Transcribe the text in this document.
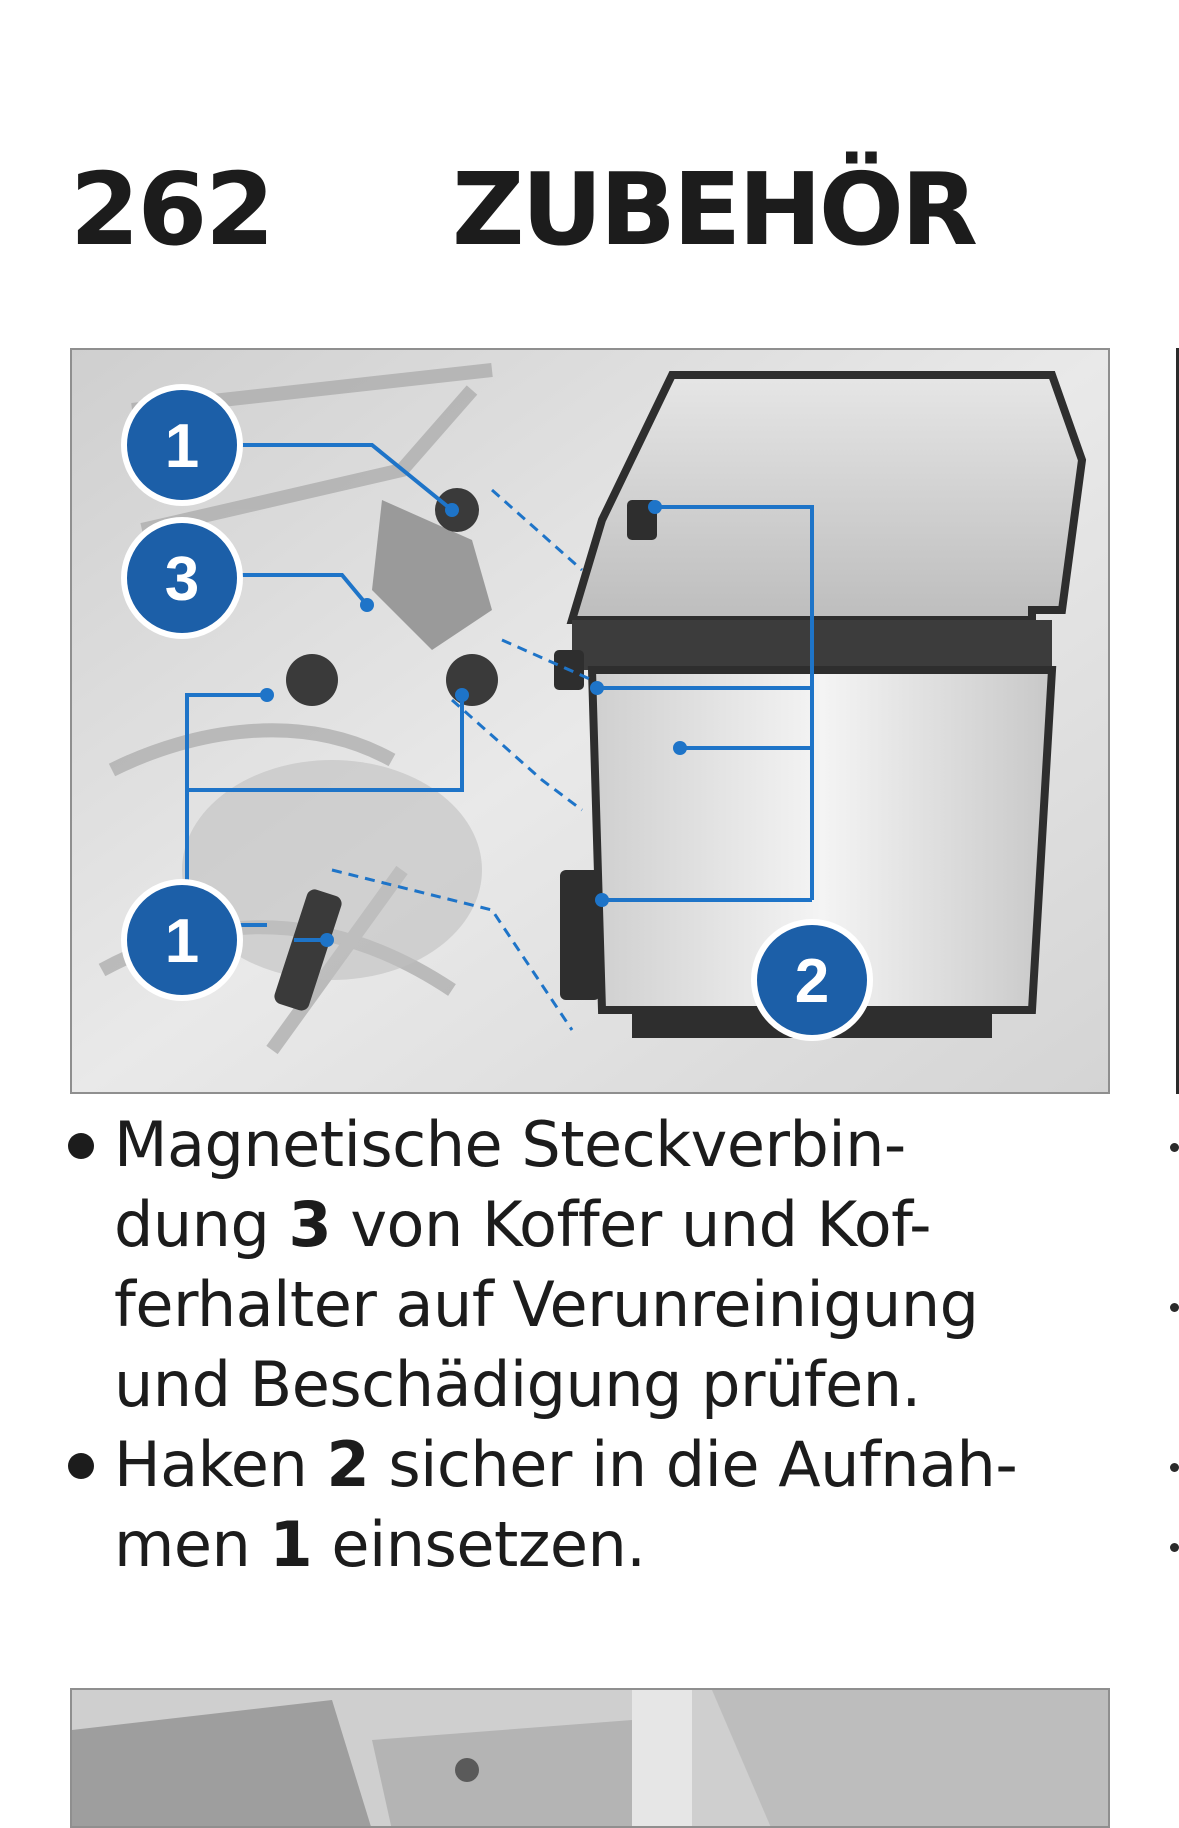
262 ZUBEHÖR
1
3
1
2
Magnetische Steckverbin-
dung 3 von Koffer und Kof-
ferhalter auf Verunreinigung
und Beschädigung prüfen.
Haken 2 sicher in die Aufnah-
men 1 einsetzen.
